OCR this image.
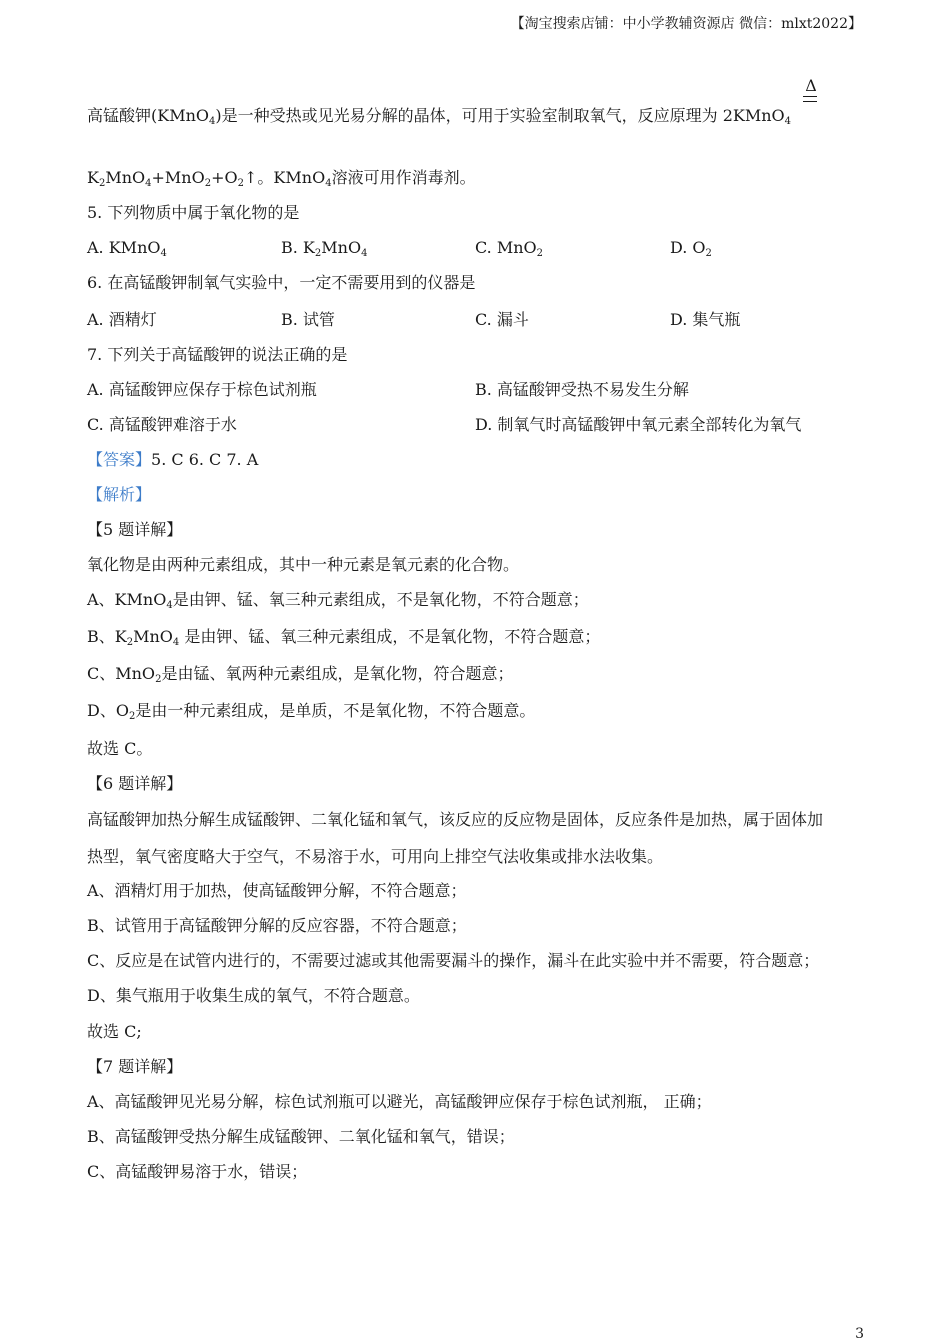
【淘宝搜索店铺：中小学教辅资源店 微信：mlxt2022】
高锰酸钾(KMnO$_4$)是一种受热或见光易分解的晶体，可用于实验室制取氧气，反应原理为 2KMnO$_4$
Δ
$K_2MnO_4+MnO_2+O_2↑$。KMnO$_4$溶液可用作消毒剂。
5. 下列物质中属于氧化物的是
A. KMnO$_4$	B. $K_2MnO_4$	C. MnO$_2$	D. $O_2$
6. 在高锰酸钾制氧气实验中，一定不需要用到的仪器是
A. 酒精灯	B. 试管	C. 漏斗	D. 集气瓶
7. 下列关于高锰酸钾的说法正确的是
A. 高锰酸钾应保存于棕色试剂瓶	B. 高锰酸钾受热不易发生分解
C. 高锰酸钾难溶于水	D. 制氧气时高锰酸钾中氧元素全部转化为氧气
【答案】5. C 6. C 7. A
【解析】
【5 题详解】
氧化物是由两种元素组成，其中一种元素是氧元素的化合物。
A、KMnO$_4$是由钾、锰、氧三种元素组成，不是氧化物，不符合题意；
B、$K_2MnO_4$ 是由钾、锰、氧三种元素组成，不是氧化物，不符合题意；
C、MnO$_2$是由锰、氧两种元素组成，是氧化物，符合题意；
D、$O_2$是由一种元素组成，是单质，不是氧化物，不符合题意。
故选 C。
【6 题详解】
高锰酸钾加热分解生成锰酸钾、二氧化锰和氧气，该反应的反应物是固体，反应条件是加热，属于固体加
热型，氧气密度略大于空气，不易溶于水，可用向上排空气法收集或排水法收集。
A、酒精灯用于加热，使高锰酸钾分解，不符合题意；
B、试管用于高锰酸钾分解的反应容器，不符合题意；
C、反应是在试管内进行的，不需要过滤或其他需要漏斗的操作，漏斗在此实验中并不需要，符合题意；
D、集气瓶用于收集生成的氧气，不符合题意。
故选 C;
【7 题详解】
A、高锰酸钾见光易分解，棕色试剂瓶可以避光，高锰酸钾应保存于棕色试剂瓶， 正确；
B、高锰酸钾受热分解生成锰酸钾、二氧化锰和氧气，错误；
C、高锰酸钾易溶于水，错误；
3
